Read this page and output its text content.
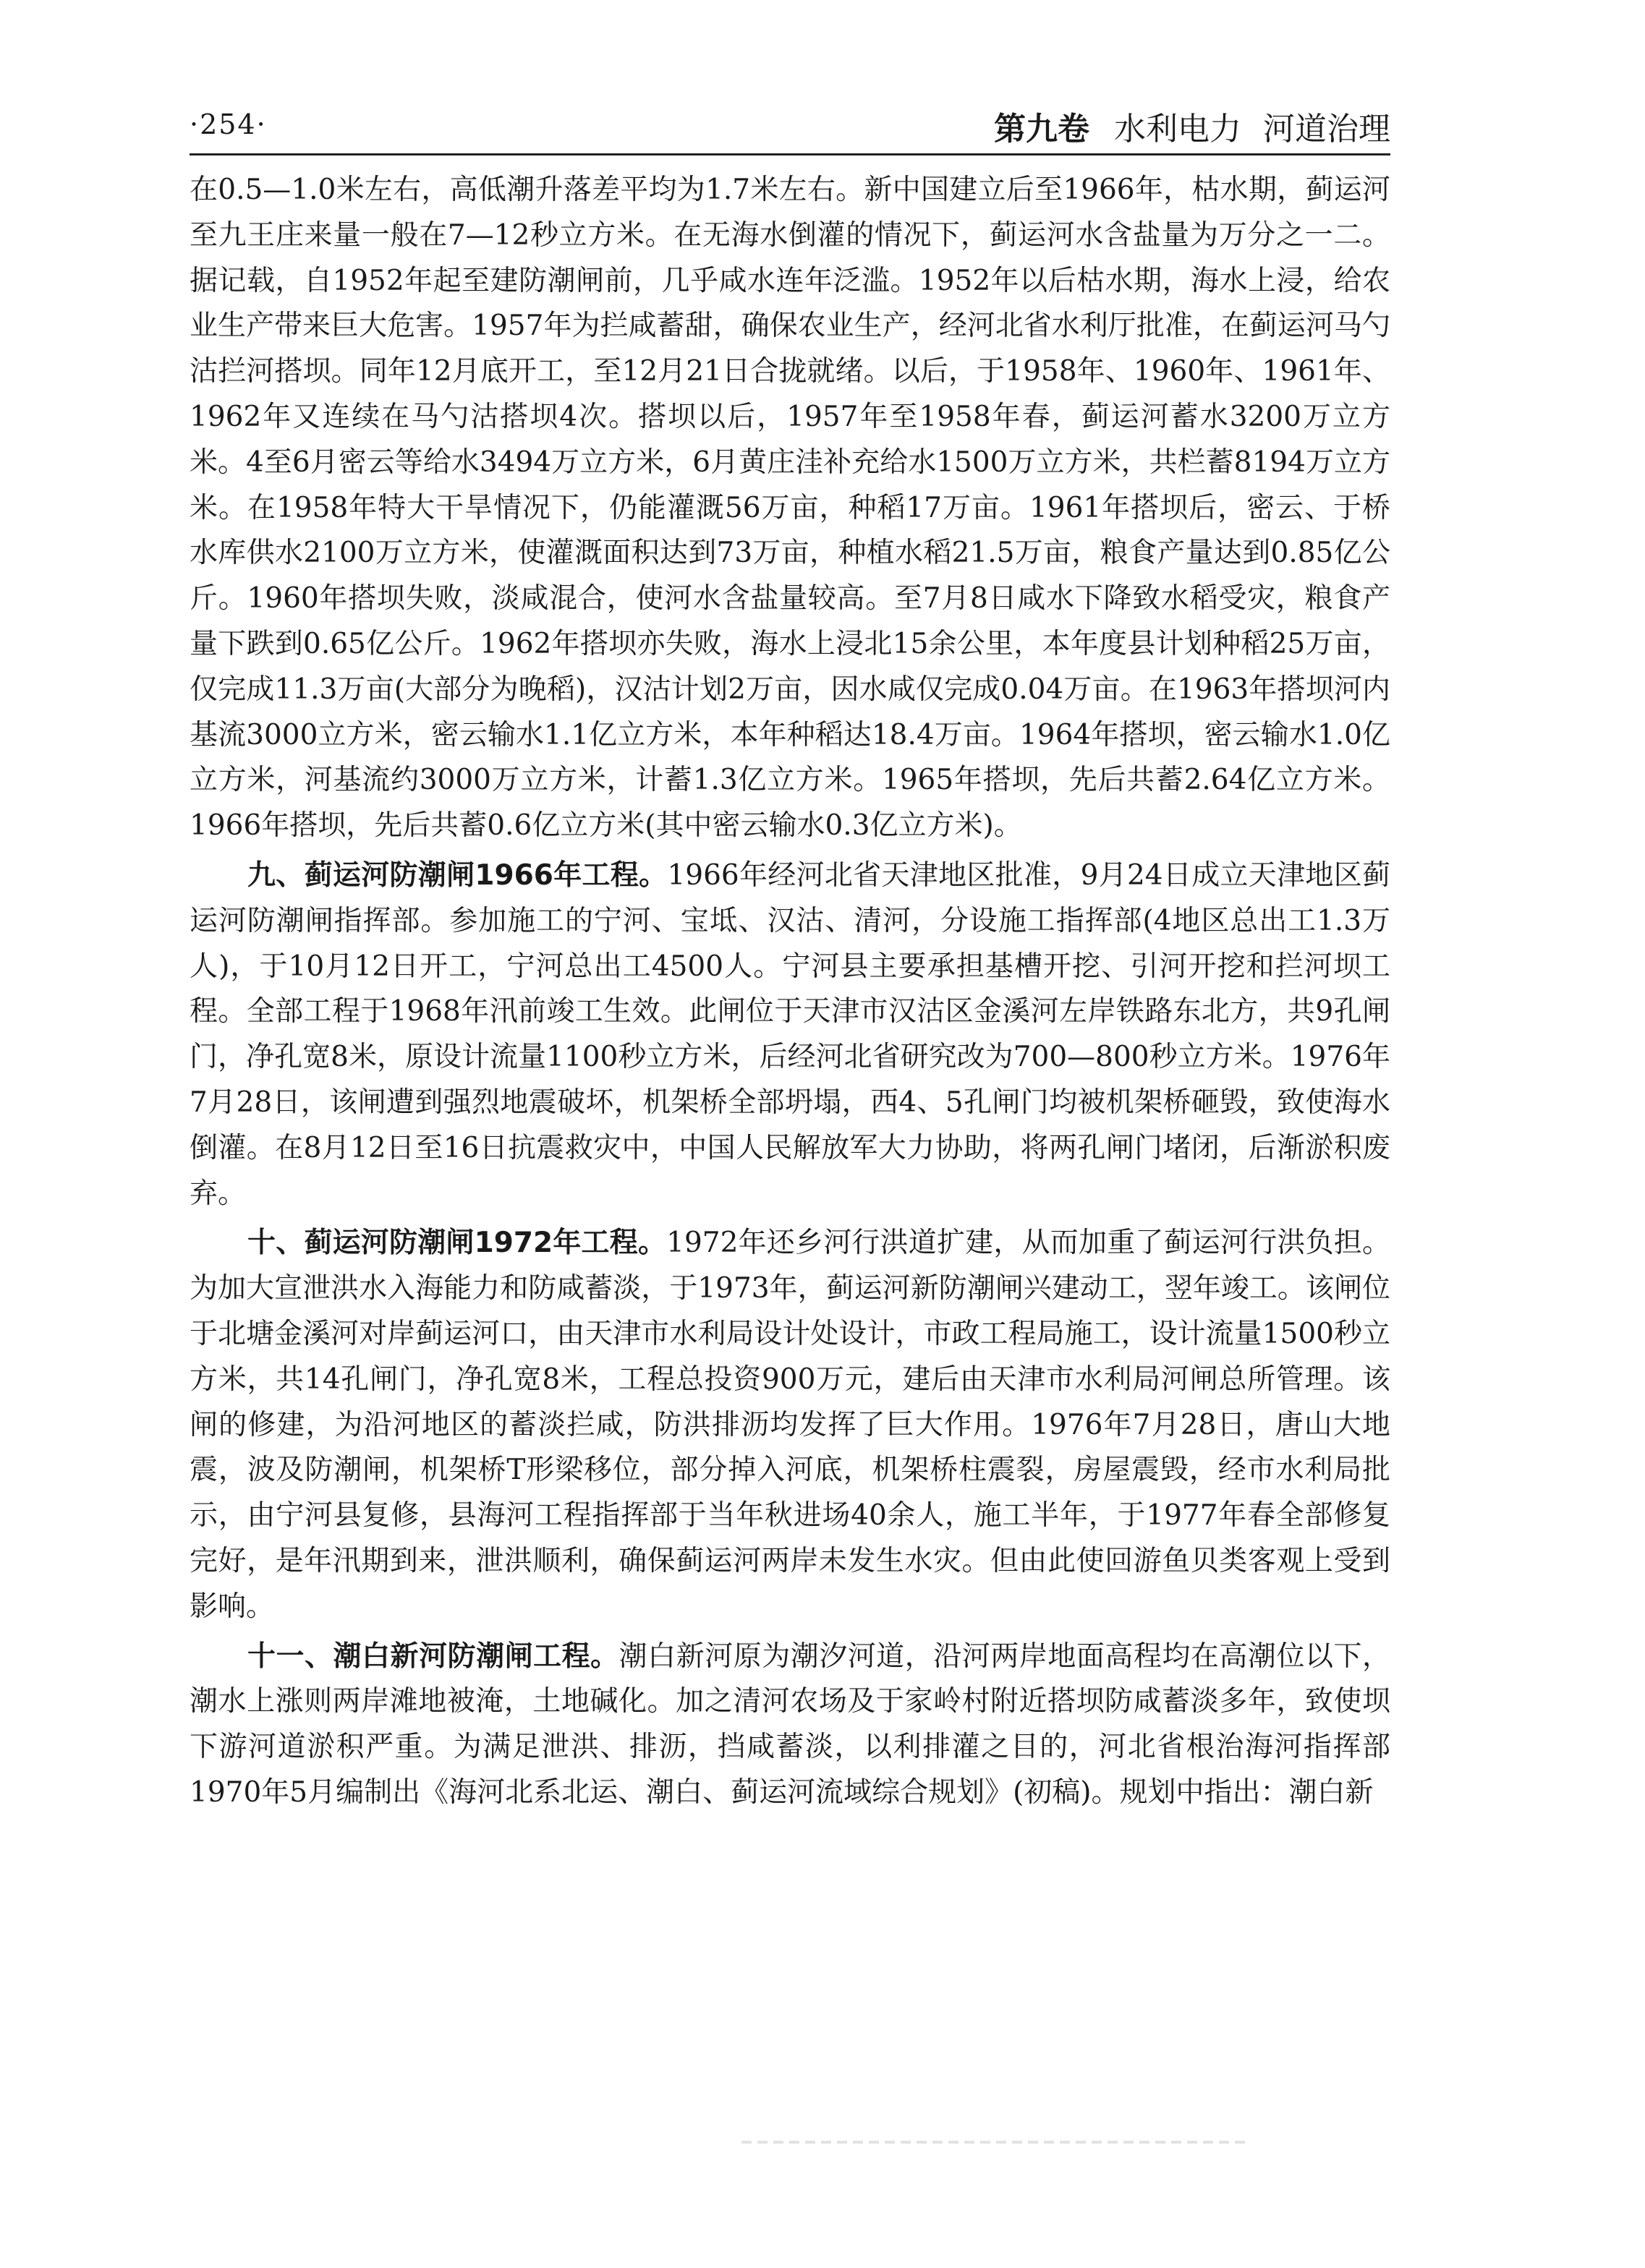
·254·	第九卷 水利电力 河道治理

在0.5—1.0米左右，高低潮升落差平均为1.7米左右。新中国建立后至1966年，枯水期，蓟运河至九王庄来量一般在7—12秒立方米。在无海水倒灌的情况下，蓟运河水含盐量为万分之一二。据记载，自1952年起至建防潮闸前，几乎咸水连年泛滥。1952年以后枯水期，海水上浸，给农业生产带来巨大危害。1957年为拦咸蓄甜，确保农业生产，经河北省水利厅批准，在蓟运河马勺沽拦河搭坝。同年12月底开工，至12月21日合拢就绪。以后，于1958年、1960年、1961年、1962年又连续在马勺沽搭坝4次。搭坝以后，1957年至1958年春，蓟运河蓄水3200万立方米。4至6月密云等给水3494万立方米，6月黄庄洼补充给水1500万立方米，共栏蓄8194万立方米。在1958年特大干旱情况下，仍能灌溉56万亩，种稻17万亩。1961年搭坝后，密云、于桥水库供水2100万立方米，使灌溉面积达到73万亩，种植水稻21.5万亩，粮食产量达到0.85亿公斤。1960年搭坝失败，淡咸混合，使河水含盐量较高。至7月8日咸水下降致水稻受灾，粮食产量下跌到0.65亿公斤。1962年搭坝亦失败，海水上浸北15余公里，本年度县计划种稻25万亩，仅完成11.3万亩(大部分为晚稻)，汉沽计划2万亩，因水咸仅完成0.04万亩。在1963年搭坝河内基流3000立方米，密云输水1.1亿立方米，本年种稻达18.4万亩。1964年搭坝，密云输水1.0亿立方米，河基流约3000万立方米，计蓄1.3亿立方米。1965年搭坝，先后共蓄2.64亿立方米。1966年搭坝，先后共蓄0.6亿立方米(其中密云输水0.3亿立方米)。

九、蓟运河防潮闸1966年工程。1966年经河北省天津地区批准，9月24日成立天津地区蓟运河防潮闸指挥部。参加施工的宁河、宝坻、汉沽、清河，分设施工指挥部(4地区总出工1.3万人)，于10月12日开工，宁河总出工4500人。宁河县主要承担基槽开挖、引河开挖和拦河坝工程。全部工程于1968年汛前竣工生效。此闸位于天津市汉沽区金溪河左岸铁路东北方，共9孔闸门，净孔宽8米，原设计流量1100秒立方米，后经河北省研究改为700—800秒立方米。1976年7月28日，该闸遭到强烈地震破坏，机架桥全部坍塌，西4、5孔闸门均被机架桥砸毁，致使海水倒灌。在8月12日至16日抗震救灾中，中国人民解放军大力协助，将两孔闸门堵闭，后渐淤积废弃。

十、蓟运河防潮闸1972年工程。1972年还乡河行洪道扩建，从而加重了蓟运河行洪负担。为加大宣泄洪水入海能力和防咸蓄淡，于1973年，蓟运河新防潮闸兴建动工，翌年竣工。该闸位于北塘金溪河对岸蓟运河口，由天津市水利局设计处设计，市政工程局施工，设计流量1500秒立方米，共14孔闸门，净孔宽8米，工程总投资900万元，建后由天津市水利局河闸总所管理。该闸的修建，为沿河地区的蓄淡拦咸，防洪排沥均发挥了巨大作用。1976年7月28日，唐山大地震，波及防潮闸，机架桥T形梁移位，部分掉入河底，机架桥柱震裂，房屋震毁，经市水利局批示，由宁河县复修，县海河工程指挥部于当年秋进场40余人，施工半年，于1977年春全部修复完好，是年汛期到来，泄洪顺利，确保蓟运河两岸未发生水灾。但由此使回游鱼贝类客观上受到影响。

十一、潮白新河防潮闸工程。潮白新河原为潮汐河道，沿河两岸地面高程均在高潮位以下，潮水上涨则两岸滩地被淹，土地碱化。加之清河农场及于家岭村附近搭坝防咸蓄淡多年，致使坝下游河道淤积严重。为满足泄洪、排沥，挡咸蓄淡，以利排灌之目的，河北省根治海河指挥部1970年5月编制出《海河北系北运、潮白、蓟运河流域综合规划》(初稿)。规划中指出：潮白新
